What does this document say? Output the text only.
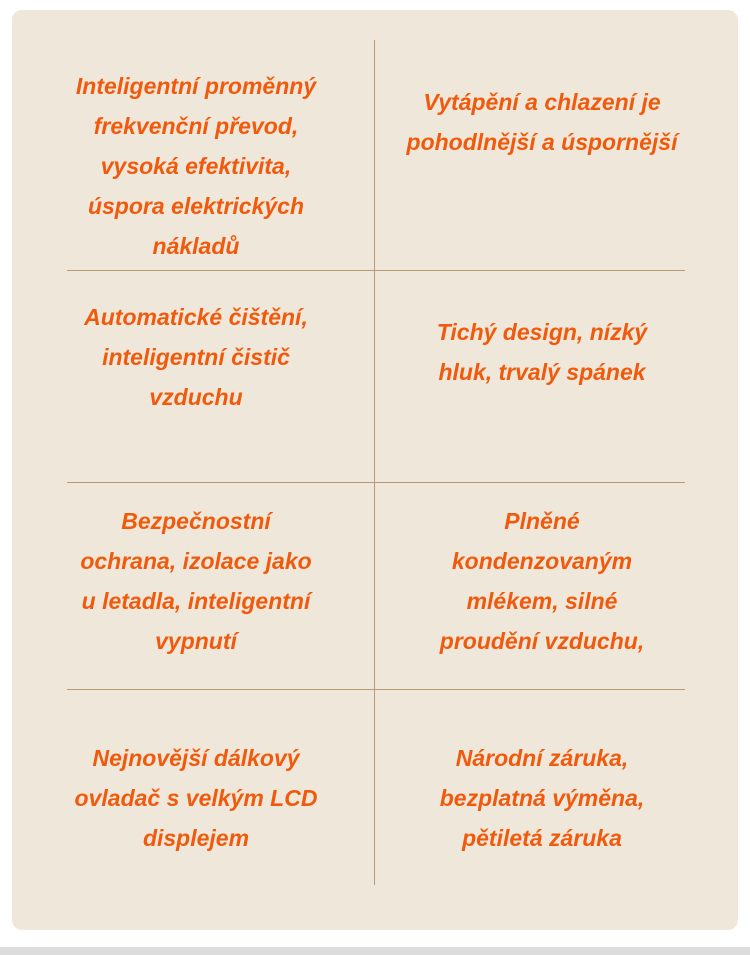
Inteligentní proměnný
frekvenční převod,
vysoká efektivita,
úspora elektrických
nákladů
Vytápění a chlazení je
pohodlnější a úspornější
Automatické čištění,
inteligentní čistič
vzduchu
Tichý design, nízký
hluk, trvalý spánek
Bezpečnostní
ochrana, izolace jako
u letadla, inteligentní
vypnutí
Plněné
kondenzovaným
mlékem, silné
proudění vzduchu,
Nejnovější dálkový
ovladač s velkým LCD
displejem
Národní záruka,
bezplatná výměna,
pětiletá záruka
